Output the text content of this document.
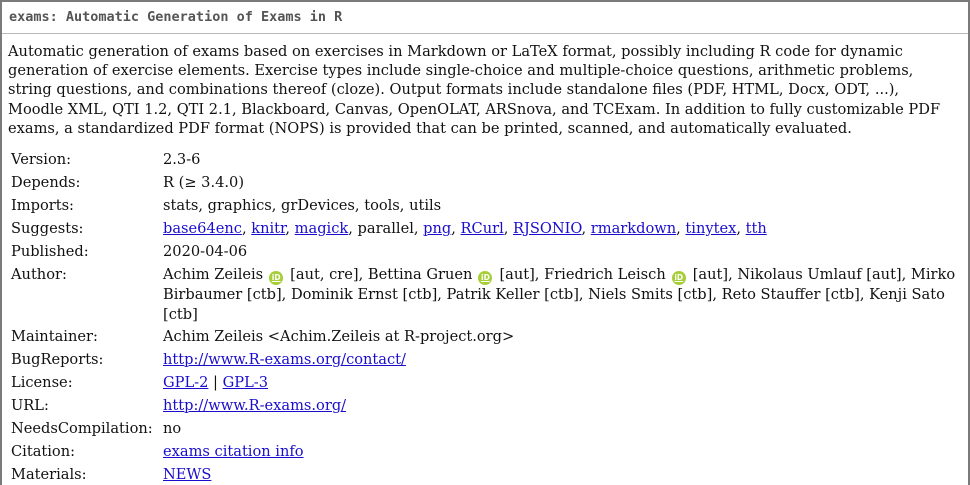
exams: Automatic Generation of Exams in R
Automatic generation of exams based on exercises in Markdown or LaTeX format, possibly including R code for dynamic generation of exercise elements. Exercise types include single-choice and multiple-choice questions, arithmetic problems, string questions, and combinations thereof (cloze). Output formats include standalone files (PDF, HTML, Docx, ODT, ...), Moodle XML, QTI 1.2, QTI 2.1, Blackboard, Canvas, OpenOLAT, ARSnova, and TCExam. In addition to fully customizable PDF exams, a standardized PDF format (NOPS) is provided that can be printed, scanned, and automatically evaluated.
Version:	2.3-6
Depends:	R (≥ 3.4.0)
Imports:	stats, graphics, grDevices, tools, utils
Suggests:	base64enc, knitr, magick, parallel, png, RCurl, RJSONIO, rmarkdown, tinytex, tth
Published:	2020-04-06
Author:	Achim Zeileis iD [aut, cre], Bettina Gruen iD [aut], Friedrich Leisch iD [aut], Nikolaus Umlauf [aut], Mirko Birbaumer [ctb], Dominik Ernst [ctb], Patrik Keller [ctb], Niels Smits [ctb], Reto Stauffer [ctb], Kenji Sato [ctb]
Maintainer:	Achim Zeileis <Achim.Zeileis at R-project.org>
BugReports:	http://www.R-exams.org/contact/
License:	GPL-2 | GPL-3
URL:	http://www.R-exams.org/
NeedsCompilation:	no
Citation:	exams citation info
Materials:	NEWS
